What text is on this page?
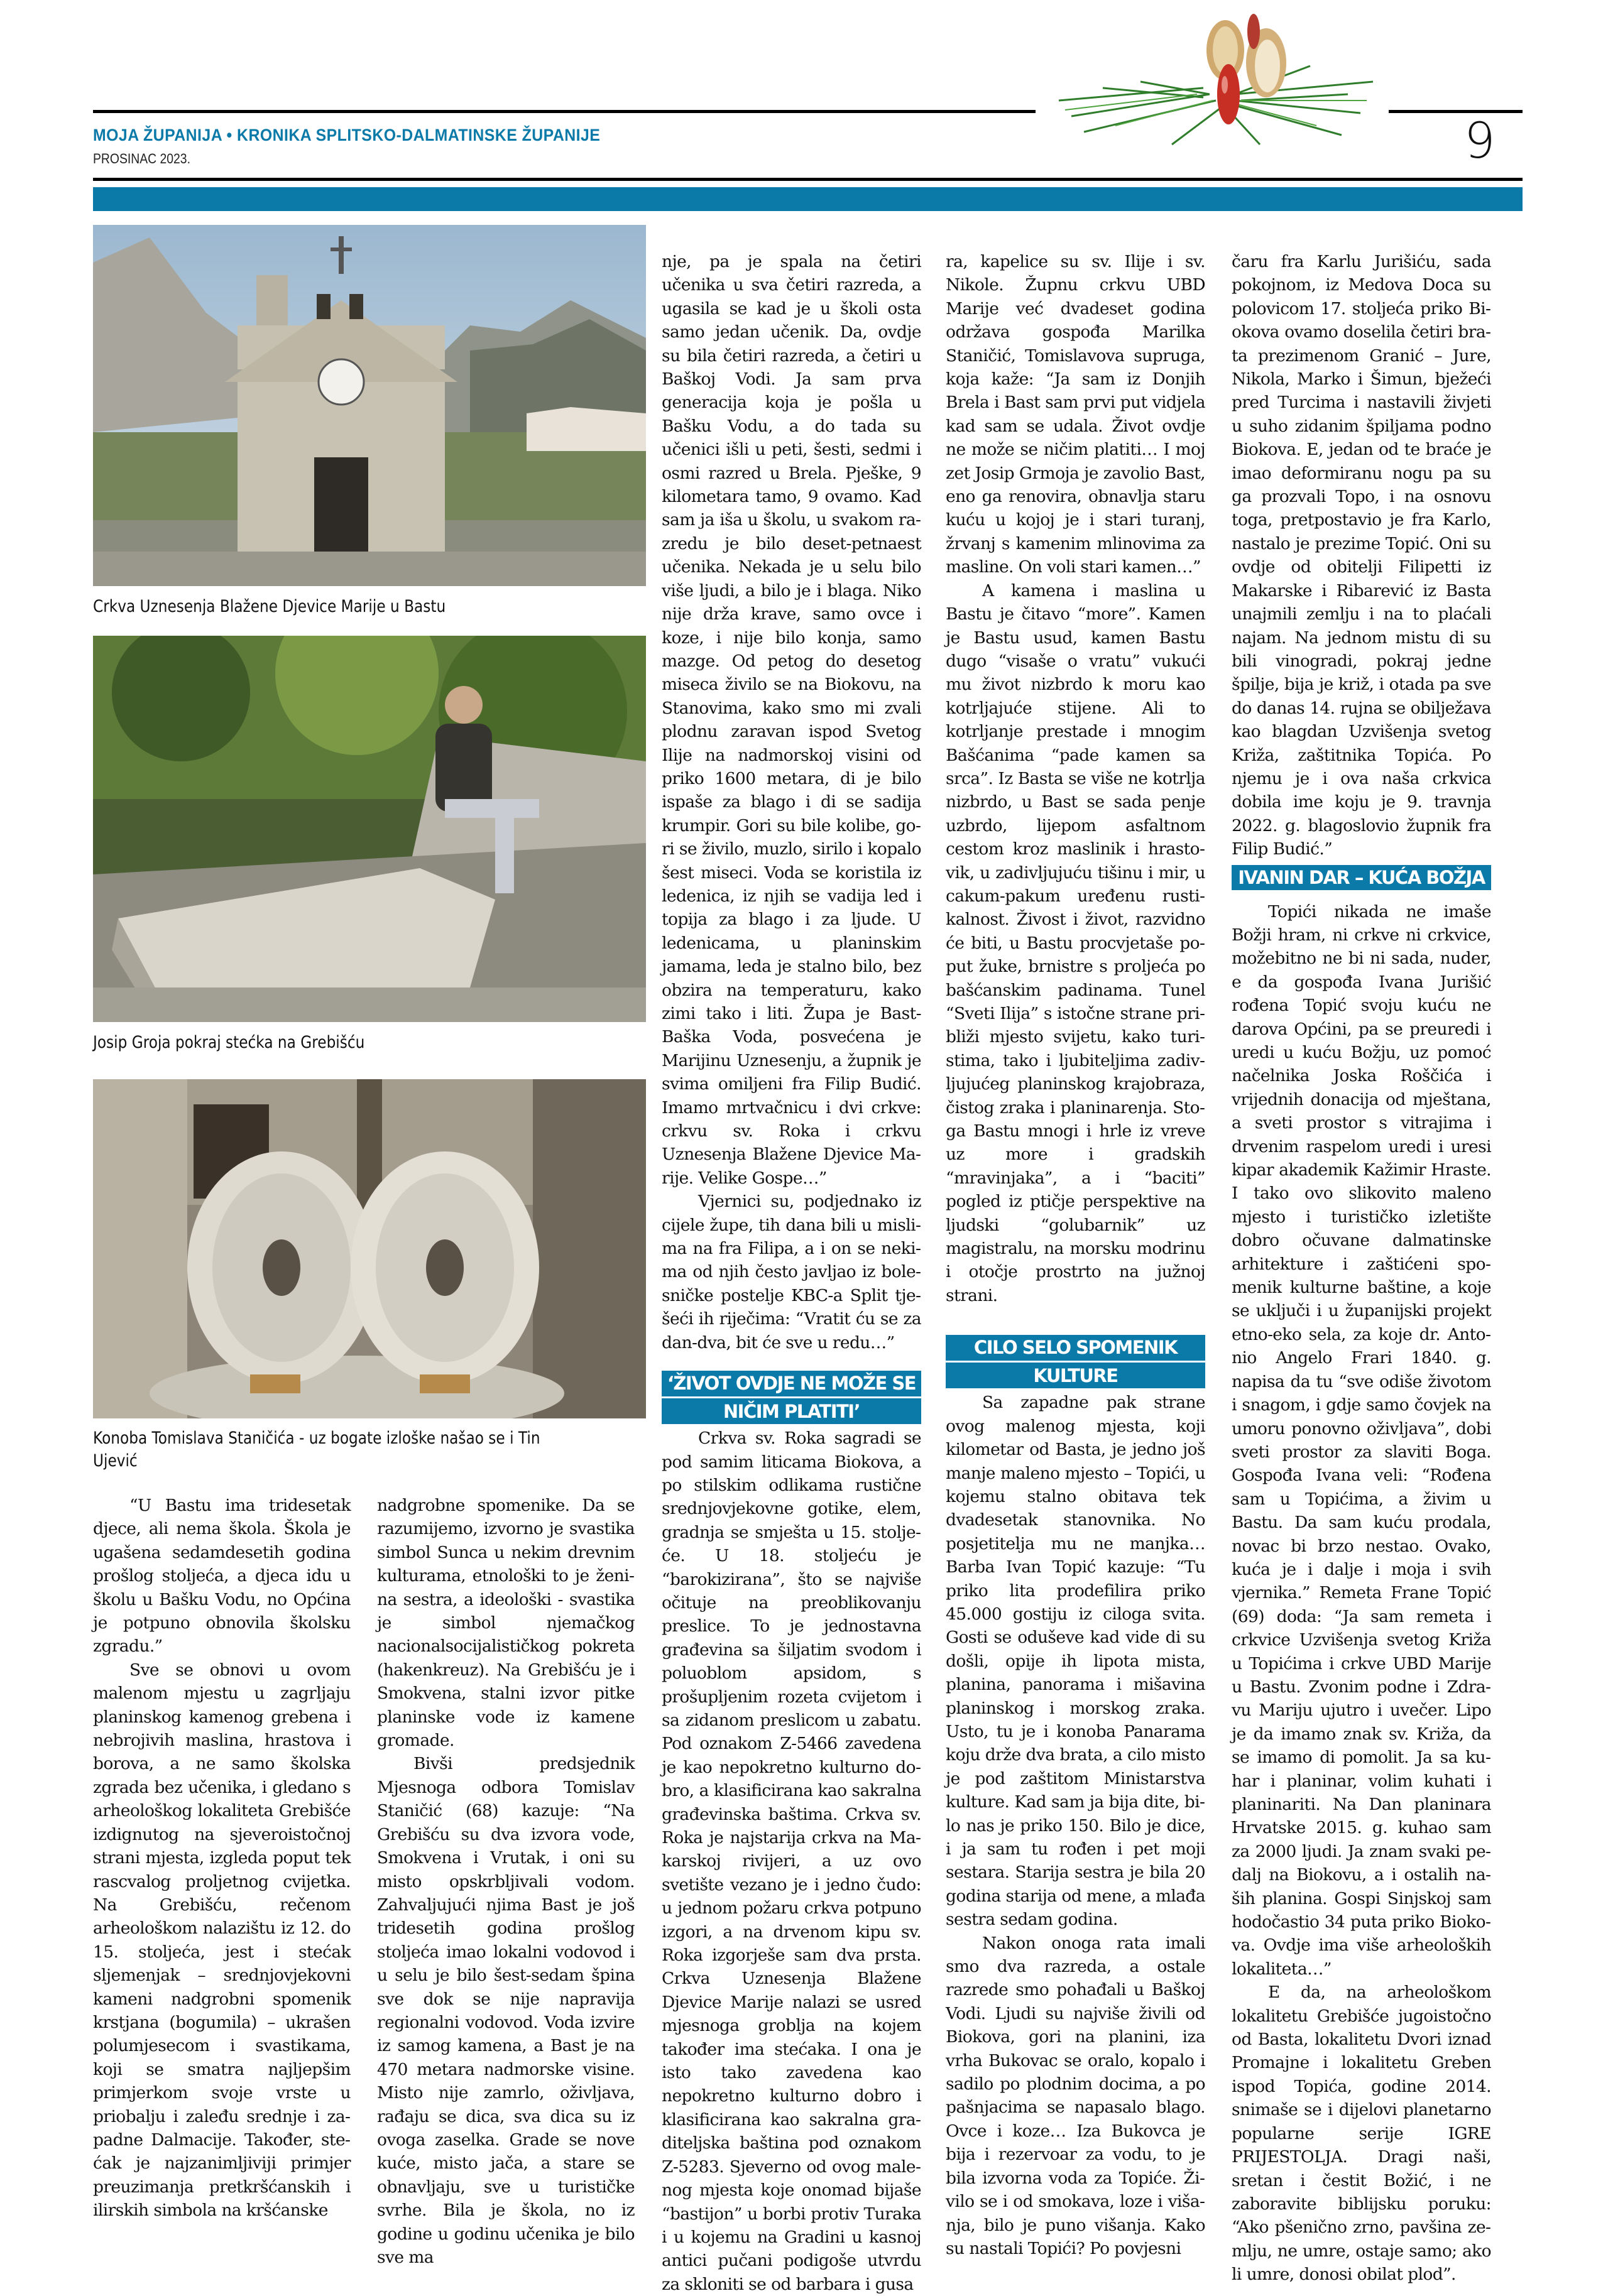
MOJA ŽUPANIJA • KRONIKA SPLITSKO-DALMATINSKE ŽUPANIJE
PROSINAC 2023.	9
Crkva Uznesenja Blažene Djevice Marije u Bastu
Josip Groja pokraj stećka na Grebišću
Konoba Tomislava Staničića - uz bogate izloške našao se i Tin Ujević

“U Bastu ima tridesetak djece, ali nema škola. Škola je ugašena sedamdesetih godina prošlog stoljeća, a djeca idu u školu u Bašku Vodu, no Općina je potpuno obnovila školsku zgradu.”

Sve se obnovi u ovom malenom mjestu u zagrljaju planinskog kamenog grebena i nebrojivih maslina, hrastova i borova, a ne samo školska zgrada bez učenika, i gledano s arheološkog lokaliteta Grebišće izdignutog na sjeveroistočnoj strani mjesta, izgleda poput tek rascvalog proljetnog cvijetka. Na Grebišću, rečenom arheološkom nalazištu iz 12. do 15. stoljeća, jest i stećak sljemenjak – srednjovjekovni kameni nadgrobni spomenik krstjana (bogumila) – ukrašen polumjesecom i svastikama, koji se smatra najljepšim primjerkom svoje vrste u priobalju i zaleđu srednje i zapadne Dalmacije. Također, stećak je najzanimljiviji primjer preuzimanja pretkršćanskih i ilirskih simbola na kršćanske

nadgrobne spomenike. Da se razumijemo, izvorno je svastika simbol Sunca u nekim drevnim kulturama, etnološki to je ženina sestra, a ideološki - svastika je simbol njemačkog nacionalsocijalističkog pokreta (hakenkreuz). Na Grebišću je i Smokvena, stalni izvor pitke planinske vode iz kamene gromade.

Bivši predsjednik Mjesnoga odbora Tomislav Staničić (68) kazuje: “Na Grebišću su dva izvora vode, Smokvena i Vrutak, i oni su misto opskrbljivali vodom. Zahvaljujući njima Bast je još tridesetih godina prošlog stoljeća imao lokalni vodovod i u selu je bilo šest-sedam špina sve dok se nije napravija regionalni vodovod. Voda izvire iz samog kamena, a Bast je na 470 metara nadmorske visine. Misto nije zamrlo, oživljava, rađaju se dica, sva dica su iz ovoga zaselka. Grade se nove kuće, misto jača, a stare se obnavljaju, sve u turističke svrhe. Bila je škola, no iz godine u godinu učenika je bilo sve ma

nje, pa je spala na četiri učenika u sva četiri razreda, a ugasila se kad je u školi osta samo jedan učenik. Da, ovdje su bila četiri razreda, a četiri u Baškoj Vodi. Ja sam prva generacija koja je pošla u Bašku Vodu, a do tada su učenici išli u peti, šesti, sedmi i osmi razred u Brela. Pješke, 9 kilometara tamo, 9 ovamo. Kad sam ja iša u školu, u svakom razredu je bilo deset-petnaest učenika. Nekada je u selu bilo više ljudi, a bilo je i blaga. Niko nije drža krave, samo ovce i koze, i nije bilo konja, samo mazge. Od petog do desetog miseca živilo se na Biokovu, na Stanovima, kako smo mi zvali plodnu zaravan ispod Svetog Ilije na nadmorskoj visini od priko 1600 metara, di je bilo ispaše za blago i di se sadija krumpir. Gori su bile kolibe, gori se živilo, muzlo, sirilo i kopalo šest miseci. Voda se koristila iz ledenica, iz njih se vadija led i topija za blago i za ljude. U ledenicama, u planinskim jamama, leda je stalno bilo, bez obzira na temperaturu, kako zimi tako i liti. Župa je Bast-Baška Voda, posvećena je Marijinu Uznesenju, a župnik je svima omiljeni fra Filip Budić. Imamo mrtvačnicu i dvi crkve: crkvu sv. Roka i crkvu Uznesenja Blažene Djevice Marije. Velike Gospe…”

Vjernici su, podjednako iz cijele župe, tih dana bili u mislima na fra Filipa, a i on se nekima od njih često javljao iz bolesničke postelje KBC-a Split tješeći ih riječima: “Vratit ću se za dan-dva, bit će sve u redu…”

‘ŽIVOT OVDJE NE MOŽE SE
NIČIM PLATITI’

Crkva sv. Roka sagradi se pod samim liticama Biokova, a po stilskim odlikama rustične srednjovjekovne gotike, elem, gradnja se smješta u 15. stoljeće. U 18. stoljeću je “barokizirana”, što se najviše očituje na preoblikovanju preslice. To je jednostavna građevina sa šiljatim svodom i poluoblom apsidom, s prošupljenim rozeta cvijetom i sa zidanom preslicom u zabatu. Pod oznakom Z-5466 zavedena je kao nepokretno kulturno dobro, a klasificirana kao sakralna građevinska baštima. Crkva sv. Roka je najstarija crkva na Makarskoj rivijeri, a uz ovo svetište vezano je i jedno čudo: u jednom požaru crkva potpuno izgori, a na drvenom kipu sv. Roka izgorješe sam dva prsta. Crkva Uznesenja Blažene Djevice Marije nalazi se usred mjesnoga groblja na kojem također ima stećaka. I ona je isto tako zavedena kao nepokretno kulturno dobro i klasificirana kao sakralna graditeljska baština pod oznakom Z-5283. Sjeverno od ovog malenog mjesta koje onomad bijaše “bastijon” u borbi protiv Turaka i u kojemu na Gradini u kasnoj antici pučani podigoše utvrdu za skloniti se od barbara i gusa

ra, kapelice su sv. Ilije i sv. Nikole. Župnu crkvu UBD Marije već dvadeset godina održava gospođa Marilka Staničić, Tomislavova supruga, koja kaže: “Ja sam iz Donjih Brela i Bast sam prvi put vidjela kad sam se udala. Život ovdje ne može se ničim platiti… I moj zet Josip Grmoja je zavolio Bast, eno ga renovira, obnavlja staru kuću u kojoj je i stari turanj, žrvanj s kamenim mlinovima za masline. On voli stari kamen…”

A kamena i maslina u Bastu je čitavo “more”. Kamen je Bastu usud, kamen Bastu dugo “visaše o vratu” vukući mu život nizbrdo k moru kao kotrljajuće stijene. Ali to kotrljanje prestade i mnogim Bašćanima “pade kamen sa srca”. Iz Basta se više ne kotrlja nizbrdo, u Bast se sada penje uzbrdo, lijepom asfaltnom cestom kroz maslinik i hrastovik, u zadivljujuću tišinu i mir, u cakum-pakum uređenu rustikalnost. Živost i život, razvidno će biti, u Bastu procvjetaše poput žuke, brnistre s proljeća po bašćanskim padinama. Tunel “Sveti Ilija” s istočne strane približi mjesto svijetu, kako turistima, tako i ljubiteljima zadivljujućeg planinskog krajobraza, čistog zraka i planinarenja. Stoga Bastu mnogi i hrle iz vreve uz more i gradskih “mravinjaka”, a i “baciti” pogled iz ptičje perspektive na ljudski “golubarnik” uz magistralu, na morsku modrinu i otočje prostrto na južnoj strani.

CILO SELO SPOMENIK
KULTURE

Sa zapadne pak strane ovog malenog mjesta, koji kilometar od Basta, je jedno još manje maleno mjesto – Topići, u kojemu stalno obitava tek dvadesetak stanovnika. No posjetitelja mu ne manjka… Barba Ivan Topić kazuje: “Tu priko lita prodefilira priko 45.000 gostiju iz ciloga svita. Gosti se oduševe kad vide di su došli, opije ih lipota mista, planina, panorama i mišavina planinskog i morskog zraka. Usto, tu je i konoba Panarama koju drže dva brata, a cilo misto je pod zaštitom Ministarstva kulture. Kad sam ja bija dite, bilo nas je priko 150. Bilo je dice, i ja sam tu rođen i pet moji sestara. Starija sestra je bila 20 godina starija od mene, a mlađa sestra sedam godina.

Nakon onoga rata imali smo dva razreda, a ostale razrede smo pohađali u Baškoj Vodi. Ljudi su najviše živili od Biokova, gori na planini, iza vrha Bukovac se oralo, kopalo i sadilo po plodnim docima, a po pašnjacima se napasalo blago. Ovce i koze… Iza Bukovca je bija i rezervoar za vodu, to je bila izvorna voda za Topiće. Živilo se i od smokava, loze i višanja, bilo je puno višanja. Kako su nastali Topići? Po povjesni

čaru fra Karlu Jurišiću, sada pokojnom, iz Medova Doca su polovicom 17. stoljeća priko Biokova ovamo doselila četiri brata prezimenom Granić – Jure, Nikola, Marko i Šimun, bježeći pred Turcima i nastavili živjeti u suho zidanim špiljama podno Biokova. E, jedan od te braće je imao deformiranu nogu pa su ga prozvali Topo, i na osnovu toga, pretpostavio je fra Karlo, nastalo je prezime Topić. Oni su ovdje od obitelji Filipetti iz Makarske i Ribarević iz Basta unajmili zemlju i na to plaćali najam. Na jednom mistu di su bili vinogradi, pokraj jedne špilje, bija je križ, i otada pa sve do danas 14. rujna se obilježava kao blagdan Uzvišenja svetog Križa, zaštitnika Topića. Po njemu je i ova naša crkvica dobila ime koju je 9. travnja 2022. g. blagoslovio župnik fra Filip Budić.”

IVANIN DAR – KUĆA BOŽJA

Topići nikada ne imaše Božji hram, ni crkve ni crkvice, možebitno ne bi ni sada, nuder, e da gospođa Ivana Jurišić rođena Topić svoju kuću ne darova Općini, pa se preuredi i uredi u kuću Božju, uz pomoć načelnika Joska Roščića i vrijednih donacija od mještana, a sveti prostor s vitrajima i drvenim raspelom uredi i uresi kipar akademik Kažimir Hraste. I tako ovo slikovito maleno mjesto i turističko izletište dobro očuvane dalmatinske arhitekture i zaštićeni spomenik kulturne baštine, a koje se uključi i u županijski projekt etno-eko sela, za koje dr. Antonio Angelo Frari 1840. g. napisa da tu “sve odiše životom i snagom, i gdje samo čovjek na umoru ponovno oživljava”, dobi sveti prostor za slaviti Boga. Gospođa Ivana veli: “Rođena sam u Topićima, a živim u Bastu. Da sam kuću prodala, novac bi brzo nestao. Ovako, kuća je i dalje i moja i svih vjernika.” Remeta Frane Topić (69) doda: “Ja sam remeta i crkvice Uzvišenja svetog Križa u Topićima i crkve UBD Marije u Bastu. Zvonim podne i Zdravu Mariju ujutro i uvečer. Lipo je da imamo znak sv. Križa, da se imamo di pomolit. Ja sa kuhar i planinar, volim kuhati i planinariti. Na Dan planinara Hrvatske 2015. g. kuhao sam za 2000 ljudi. Ja znam svaki pedalj na Biokovu, a i ostalih naših planina. Gospi Sinjskoj sam hodočastio 34 puta priko Biokova. Ovdje ima više arheoloških lokaliteta…”

E da, na arheološkom lokalitetu Grebišće jugoistočno od Basta, lokalitetu Dvori iznad Promajne i lokalitetu Greben ispod Topića, godine 2014. snimaše se i dijelovi planetarno popularne serije IGRE PRIJESTOLJA. Dragi naši, sretan i čestit Božić, i ne zaboravite biblijsku poruku: “Ako pšenično zrno, pavšina zemlju, ne umre, ostaje samo; ako li umre, donosi obilat plod”.
